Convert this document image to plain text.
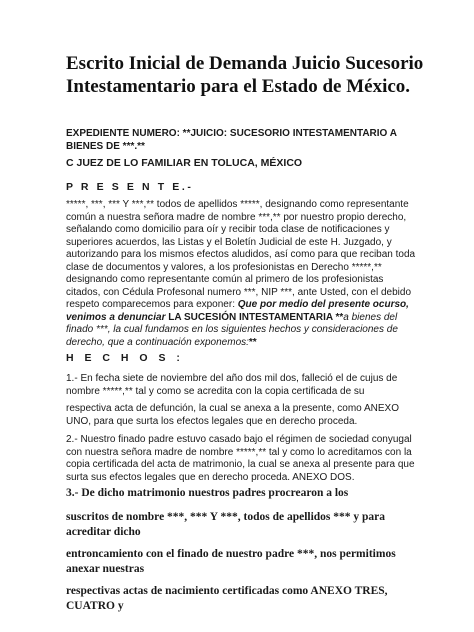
Escrito Inicial de Demanda Juicio Sucesorio Intestamentario para el Estado de México.

EXPEDIENTE NUMERO: **JUICIO: SUCESORIO INTESTAMENTARIO A BIENES DE ***.**

C JUEZ DE LO FAMILIAR EN TOLUCA, MÉXICO

P R E S E N T E.-

*****, ***, *** Y ***,** todos de apellidos *****, designando como representante común a nuestra señora madre de nombre ***,** por nuestro propio derecho, señalando como domicilio para oír y recibir toda clase de notificaciones y superiores acuerdos, las Listas y el Boletín Judicial de este H. Juzgado, y autorizando para los mismos efectos aludidos, así como para que reciban toda clase de documentos y valores, a los profesionistas en Derecho *****,** designando como representante común al primero de los profesionistas citados, con Cédula Profesonal numero ***, NIP ***, ante Usted, con el debido respeto comparecemos para exponer: Que por medio del presente ocurso, venimos a denunciar LA SUCESIÓN INTESTAMENTARIA **a bienes del finado ***, la cual fundamos en los siguientes hechos y consideraciones de derecho, que a continuación exponemos:**

H E C H O S :

1.- En fecha siete de noviembre del año dos mil dos, falleció el de cujus de nombre *****,** tal y como se acredita con la copia certificada de su

respectiva acta de defunción, la cual se anexa a la presente, como ANEXO UNO, para que surta los efectos legales que en derecho proceda.

2.- Nuestro finado padre estuvo casado bajo el régimen de sociedad conyugal con nuestra señora madre de nombre *****,** tal y como lo acreditamos con la copia certificada del acta de matrimonio, la cual se anexa al presente para que surta sus efectos legales que en derecho proceda. ANEXO DOS.

3.- De dicho matrimonio nuestros padres procrearon a los

suscritos de nombre ***, *** Y ***, todos de apellidos *** y para acreditar dicho

entroncamiento con el finado de nuestro padre ***, nos permitimos anexar nuestras

respectivas actas de nacimiento certificadas como ANEXO TRES, CUATRO y
